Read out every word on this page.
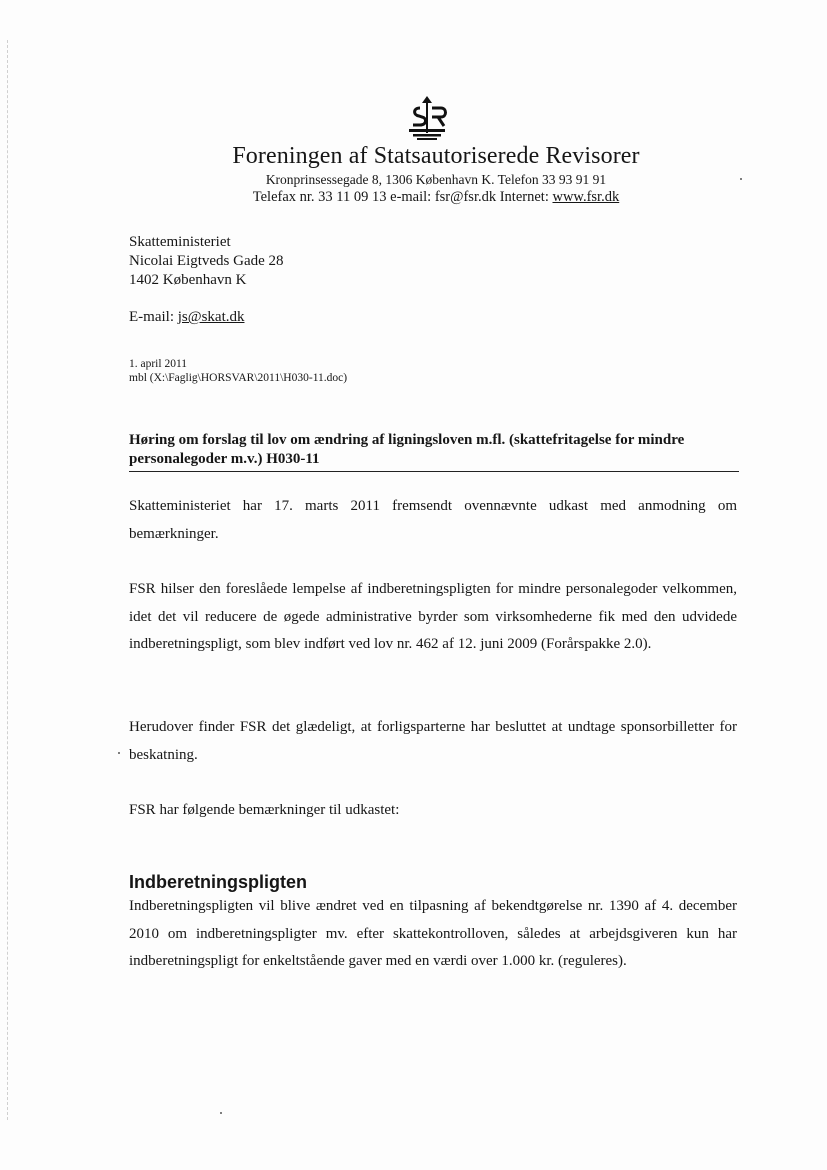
Foreningen af Statsautoriserede Revisorer
Kronprinsessegade 8, 1306 København K. Telefon 33 93 91 91
Telefax nr. 33 11 09 13 e-mail: fsr@fsr.dk Internet: www.fsr.dk
Skatteministeriet
Nicolai Eigtveds Gade 28
1402 København K
E-mail: js@skat.dk
1. april 2011
mbl (X:\Faglig\HORSVAR\2011\H030-11.doc)
Høring om forslag til lov om ændring af ligningsloven m.fl. (skattefritagelse for mindre personalegoder m.v.) H030-11
Skatteministeriet har 17. marts 2011 fremsendt ovennævnte udkast med anmodning om bemærkninger.
FSR hilser den foreslåede lempelse af indberetningspligten for mindre personalegoder velkommen, idet det vil reducere de øgede administrative byrder som virksomhederne fik med den udvidede indberetningspligt, som blev indført ved lov nr. 462 af 12. juni 2009 (Forårspakke 2.0).
Herudover finder FSR det glædeligt, at forligsparterne har besluttet at undtage sponsorbilletter for beskatning.
FSR har følgende bemærkninger til udkastet:
Indberetningspligten
Indberetningspligten vil blive ændret ved en tilpasning af bekendtgørelse nr. 1390 af 4. december 2010 om indberetningspligter mv. efter skattekontrolloven, således at arbejdsgiveren kun har indberetningspligt for enkeltstående gaver med en værdi over 1.000 kr. (reguleres).
